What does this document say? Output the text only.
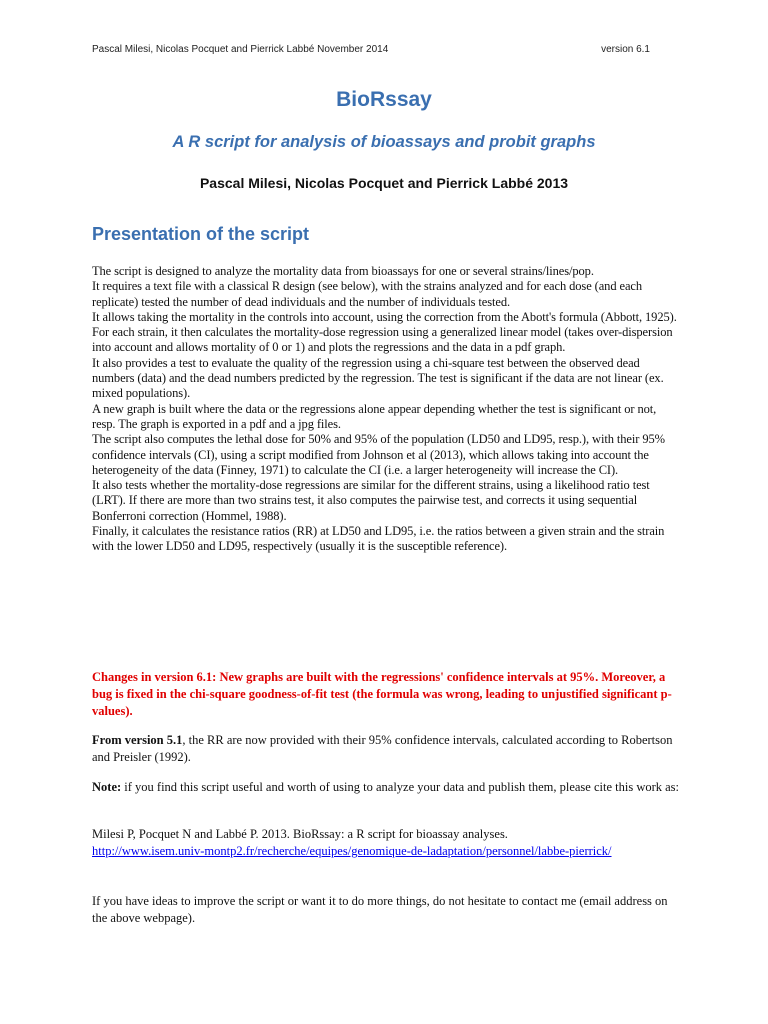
Pascal Milesi, Nicolas Pocquet and Pierrick Labbé November 2014	version 6.1
BioRssay
A R script for analysis of bioassays and probit graphs
Pascal Milesi, Nicolas Pocquet and Pierrick Labbé 2013
Presentation of the script

The script is designed to analyze the mortality data from bioassays for one or several strains/lines/pop.

It requires a text file with a classical R design (see below), with the strains analyzed and for each dose (and each replicate) tested the number of dead individuals and the number of individuals tested.

It allows taking the mortality in the controls into account, using the correction from the Abott's formula (Abbott, 1925).

For each strain, it then calculates the mortality-dose regression using a generalized linear model (takes over-dispersion into account and allows mortality of 0 or 1) and plots the regressions and the data in a pdf graph.

It also provides a test to evaluate the quality of the regression using a chi-square test between the observed dead numbers (data) and the dead numbers predicted by the regression. The test is significant if the data are not linear (ex. mixed populations).

A new graph is built where the data or the regressions alone appear depending whether the test is significant or not, resp. The graph is exported in a pdf and a jpg files.

The script also computes the lethal dose for 50% and 95% of the population (LD50 and LD95, resp.), with their 95% confidence intervals (CI), using a script modified from Johnson et al (2013), which allows taking into account the heterogeneity of the data (Finney, 1971) to calculate the CI (i.e. a larger heterogeneity will increase the CI).

It also tests whether the mortality-dose regressions are similar for the different strains, using a likelihood ratio test (LRT). If there are more than two strains test, it also computes the pairwise test, and corrects it using sequential Bonferroni correction (Hommel, 1988).

Finally, it calculates the resistance ratios (RR) at LD50 and LD95, i.e. the ratios between a given strain and the strain with the lower LD50 and LD95, respectively (usually it is the susceptible reference).

Changes in version 6.1: New graphs are built with the regressions' confidence intervals at 95%. Moreover, a bug is fixed in the chi-square goodness-of-fit test (the formula was wrong, leading to unjustified significant p-values).
From version 5.1, the RR are now provided with their 95% confidence intervals, calculated according to Robertson and Preisler (1992).
Note: if you find this script useful and worth of using to analyze your data and publish them, please cite this work as:
Milesi P, Pocquet N and Labbé P. 2013. BioRssay: a R script for bioassay analyses.
http://www.isem.univ-montp2.fr/recherche/equipes/genomique-de-ladaptation/personnel/labbe-pierrick/
If you have ideas to improve the script or want it to do more things, do not hesitate to contact me (email address on the above webpage).
